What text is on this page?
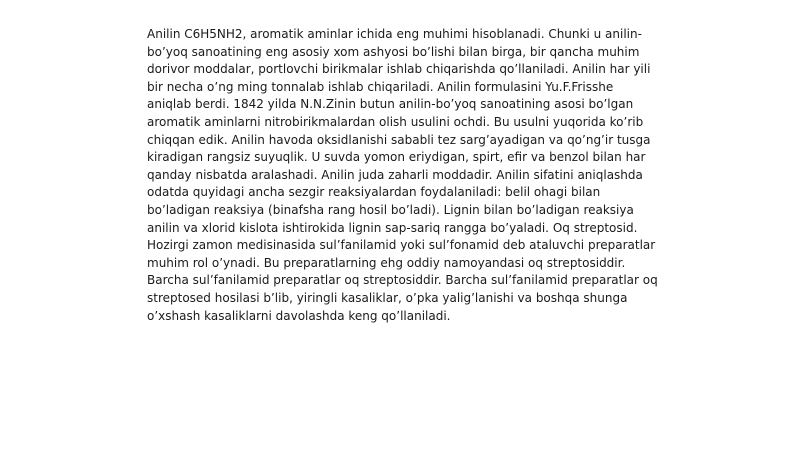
Anilin C6H5NH2, aromatik aminlar ichida eng muhimi hisoblanadi. Chunki u anilin-
bo’yoq sanoatining eng asosiy xom ashyosi bo’lishi bilan birga, bir qancha muhim
dorivor moddalar, portlovchi birikmalar ishlab chiqarishda qo’llaniladi. Anilin har yili
bir necha o’ng ming tonnalab ishlab chiqariladi. Anilin formulasini Yu.F.Frisshe
aniqlab berdi. 1842 yilda N.N.Zinin butun anilin-bo’yoq sanoatining asosi bo’lgan
aromatik aminlarni nitrobirikmalardan olish usulini ochdi. Bu usulni yuqorida ko’rib
chiqqan edik. Anilin havoda oksidlanishi sababli tez sarg’ayadigan va qo’ng’ir tusga
kiradigan rangsiz suyuqlik. U suvda yomon eriydigan, spirt, efir va benzol bilan har
qanday nisbatda aralashadi. Anilin juda zaharli moddadir. Anilin sifatini aniqlashda
odatda quyidagi ancha sezgir reaksiyalardan foydalaniladi: belil ohagi bilan
bo’ladigan reaksiya (binafsha rang hosil bo’ladi). Lignin bilan bo’ladigan reaksiya
anilin va xlorid kislota ishtirokida lignin sap-sariq rangga bo’yaladi. Oq streptosid.
Hozirgi zamon medisinasida sul’fanilamid yoki sul’fonamid deb ataluvchi preparatlar
muhim rol o’ynadi. Bu preparatlarning ehg oddiy namoyandasi oq streptosiddir.
Barcha sul’fanilamid preparatlar oq streptosiddir. Barcha sul’fanilamid preparatlar oq
streptosed hosilasi b’lib, yiringli kasaliklar, o’pka yalig’lanishi va boshqa shunga
o’xshash kasaliklarni davolashda keng qo’llaniladi.
